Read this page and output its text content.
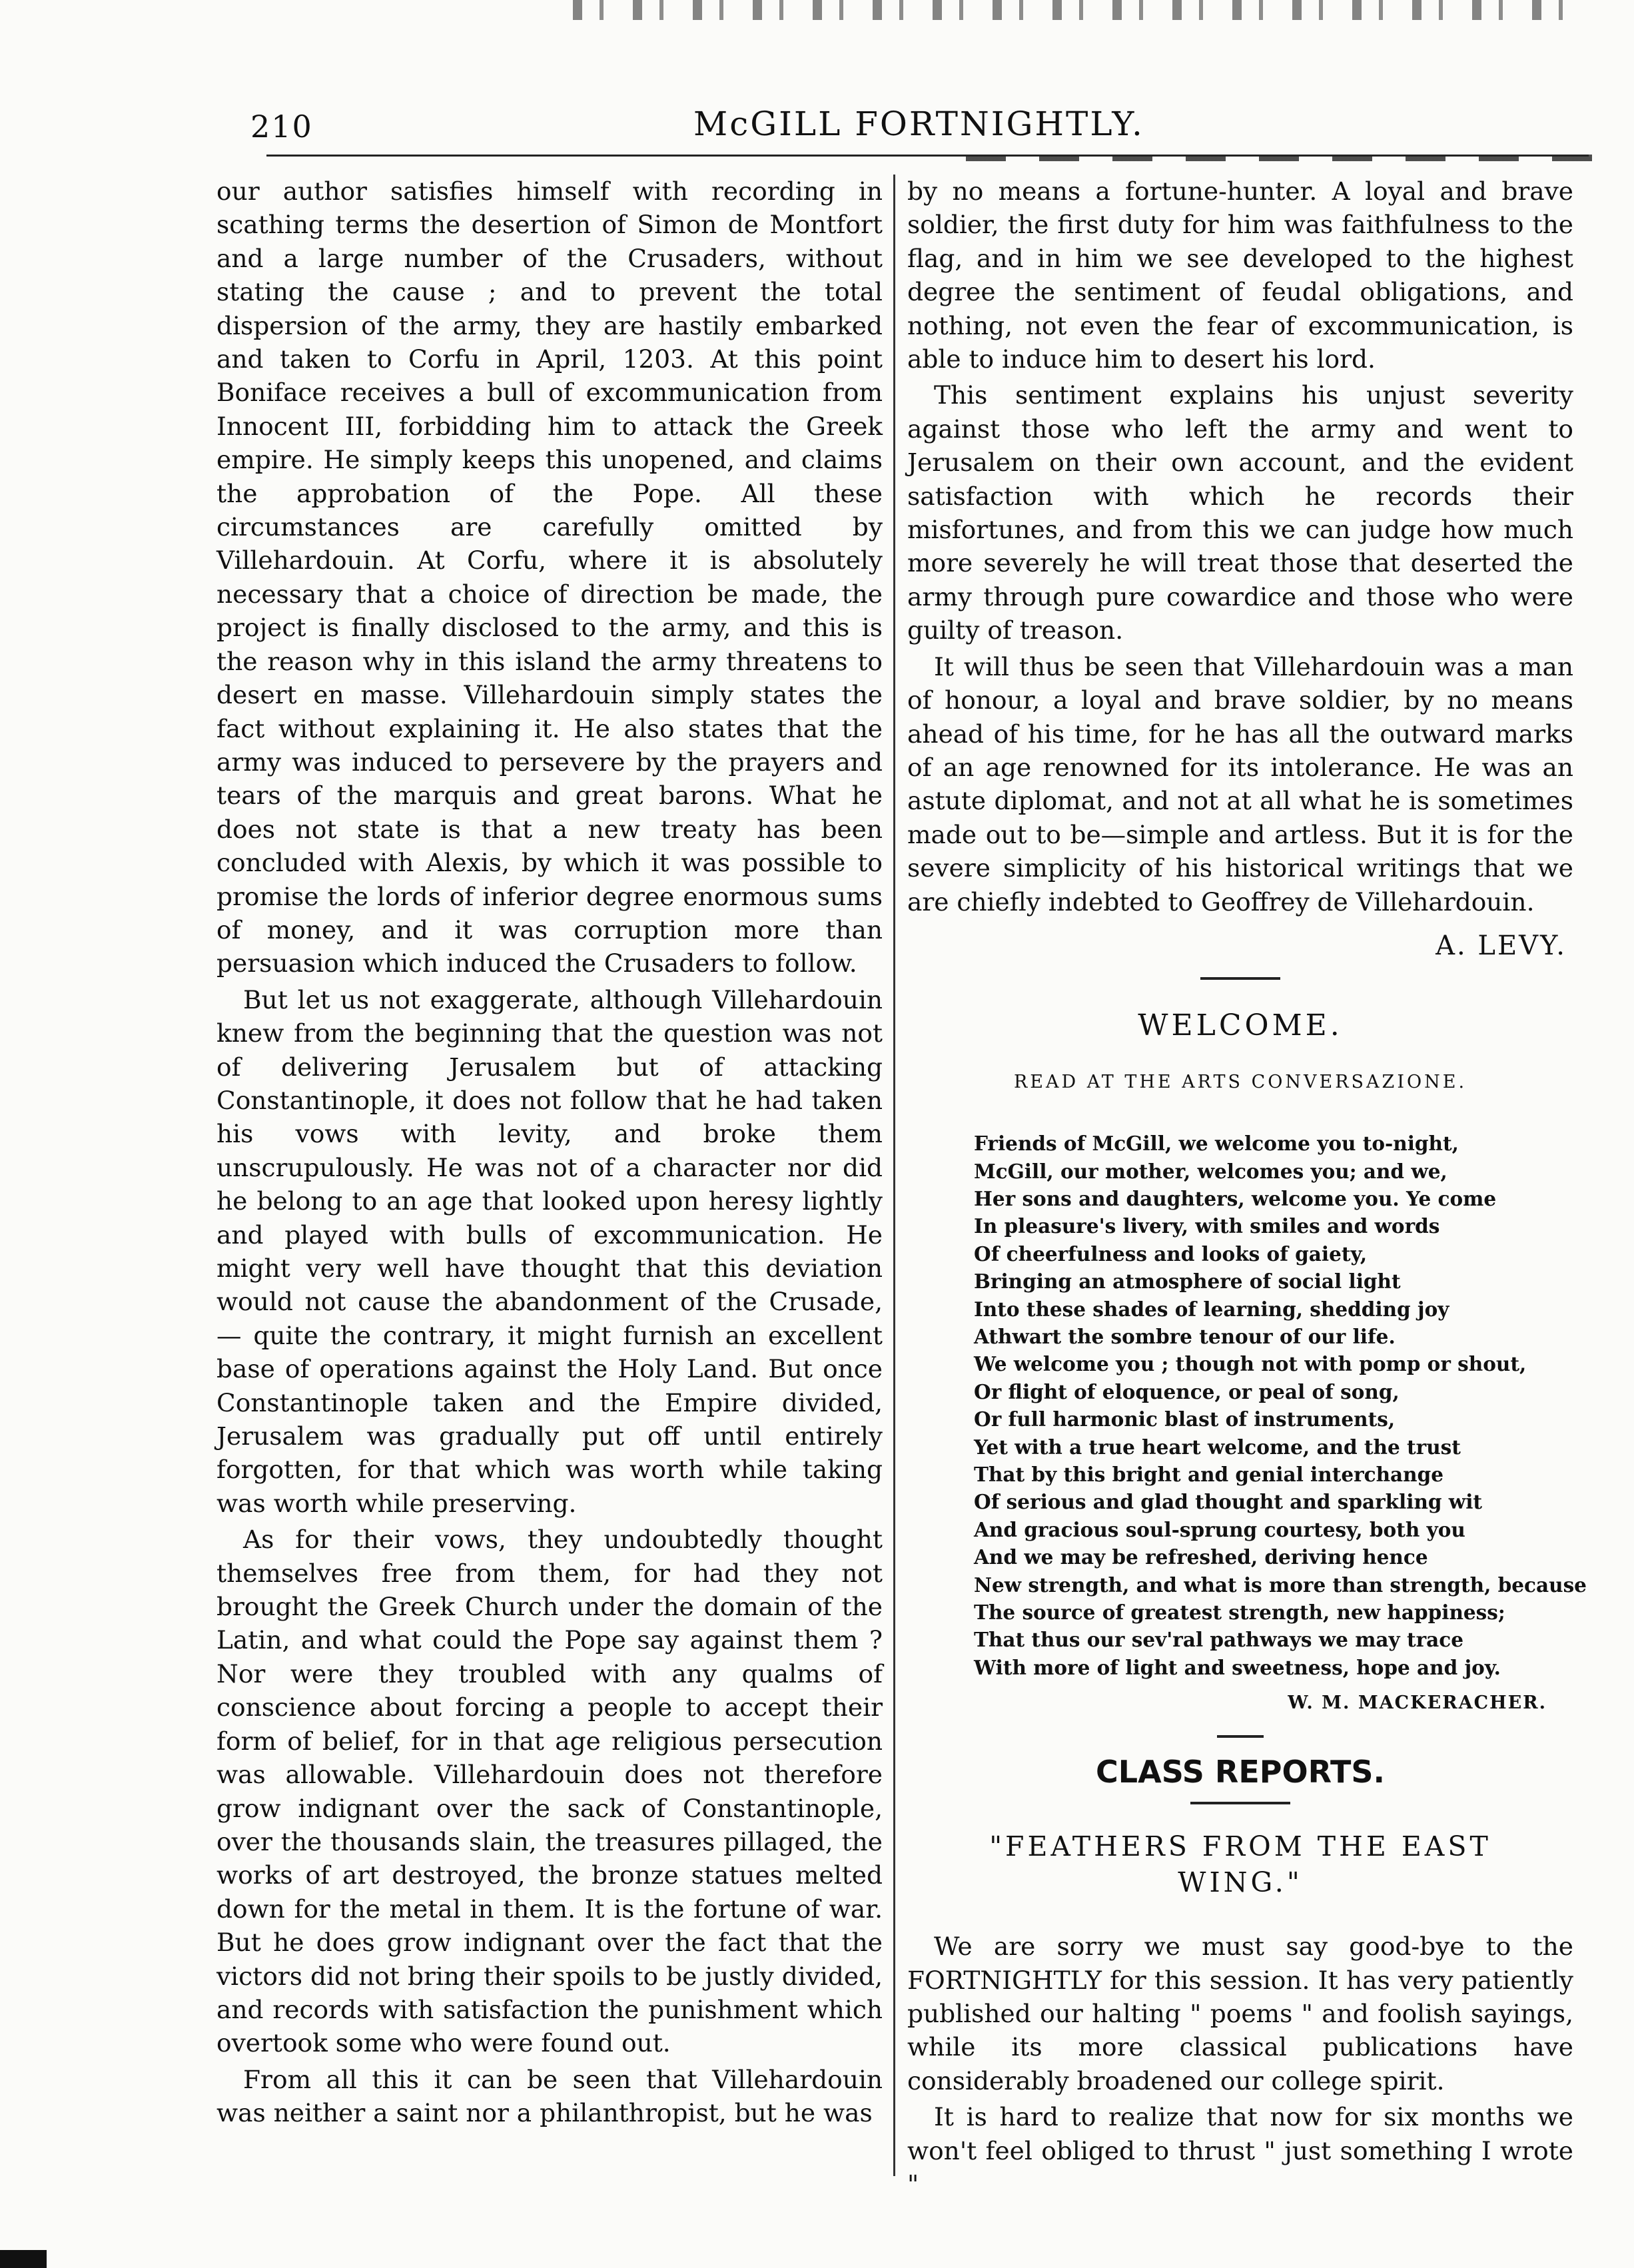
210	McGILL FORTNIGHTLY.

our author satisfies himself with recording in scathing terms the desertion of Simon de Montfort and a large number of the Crusaders, without stating the cause ; and to prevent the total dispersion of the army, they are hastily embarked and taken to Corfu in April, 1203. At this point Boniface receives a bull of excommunication from Innocent III, forbidding him to attack the Greek empire. He simply keeps this unopened, and claims the approbation of the Pope. All these circumstances are carefully omitted by Villehardouin. At Corfu, where it is absolutely necessary that a choice of direction be made, the project is finally disclosed to the army, and this is the reason why in this island the army threatens to desert en masse. Villehardouin simply states the fact without explaining it. He also states that the army was induced to persevere by the prayers and tears of the marquis and great barons. What he does not state is that a new treaty has been concluded with Alexis, by which it was possible to promise the lords of inferior degree enormous sums of money, and it was corruption more than persuasion which induced the Crusaders to follow.

But let us not exaggerate, although Villehardouin knew from the beginning that the question was not of delivering Jerusalem but of attacking Constantinople, it does not follow that he had taken his vows with levity, and broke them unscrupulously. He was not of a character nor did he belong to an age that looked upon heresy lightly and played with bulls of excommunication. He might very well have thought that this deviation would not cause the abandonment of the Crusade, — quite the contrary, it might furnish an excellent base of operations against the Holy Land. But once Constantinople taken and the Empire divided, Jerusalem was gradually put off until entirely forgotten, for that which was worth while taking was worth while preserving.

As for their vows, they undoubtedly thought themselves free from them, for had they not brought the Greek Church under the domain of the Latin, and what could the Pope say against them ? Nor were they troubled with any qualms of conscience about forcing a people to accept their form of belief, for in that age religious persecution was allowable. Villehardouin does not therefore grow indignant over the sack of Constantinople, over the thousands slain, the treasures pillaged, the works of art destroyed, the bronze statues melted down for the metal in them. It is the fortune of war. But he does grow indignant over the fact that the victors did not bring their spoils to be justly divided, and records with satisfaction the punishment which overtook some who were found out.

From all this it can be seen that Villehardouin was neither a saint nor a philanthropist, but he was

by no means a fortune-hunter. A loyal and brave soldier, the first duty for him was faithfulness to the flag, and in him we see developed to the highest degree the sentiment of feudal obligations, and nothing, not even the fear of excommunication, is able to induce him to desert his lord.

This sentiment explains his unjust severity against those who left the army and went to Jerusalem on their own account, and the evident satisfaction with which he records their misfortunes, and from this we can judge how much more severely he will treat those that deserted the army through pure cowardice and those who were guilty of treason.

It will thus be seen that Villehardouin was a man of honour, a loyal and brave soldier, by no means ahead of his time, for he has all the outward marks of an age renowned for its intolerance. He was an astute diplomat, and not at all what he is sometimes made out to be—simple and artless. But it is for the severe simplicity of his historical writings that we are chiefly indebted to Geoffrey de Villehardouin.

A. LEVY.
WELCOME.
READ AT THE ARTS CONVERSAZIONE.
Friends of McGill, we welcome you to-night,
McGill, our mother, welcomes you; and we,
Her sons and daughters, welcome you. Ye come
In pleasure's livery, with smiles and words
Of cheerfulness and looks of gaiety,
Bringing an atmosphere of social light
Into these shades of learning, shedding joy
Athwart the sombre tenour of our life.
We welcome you ; though not with pomp or shout,
Or flight of eloquence, or peal of song,
Or full harmonic blast of instruments,
Yet with a true heart welcome, and the trust
That by this bright and genial interchange
Of serious and glad thought and sparkling wit
And gracious soul-sprung courtesy, both you
And we may be refreshed, deriving hence
New strength, and what is more than strength, because
The source of greatest strength, new happiness;
That thus our sev'ral pathways we may trace
With more of light and sweetness, hope and joy.
W. M. MACKERACHER.
CLASS REPORTS.
"FEATHERS FROM THE EAST WING."

We are sorry we must say good-bye to the FORTNIGHTLY for this session. It has very patiently published our halting " poems " and foolish sayings, while its more classical publications have considerably broadened our college spirit.

It is hard to realize that now for six months we won't feel obliged to thrust " just something I wrote "
